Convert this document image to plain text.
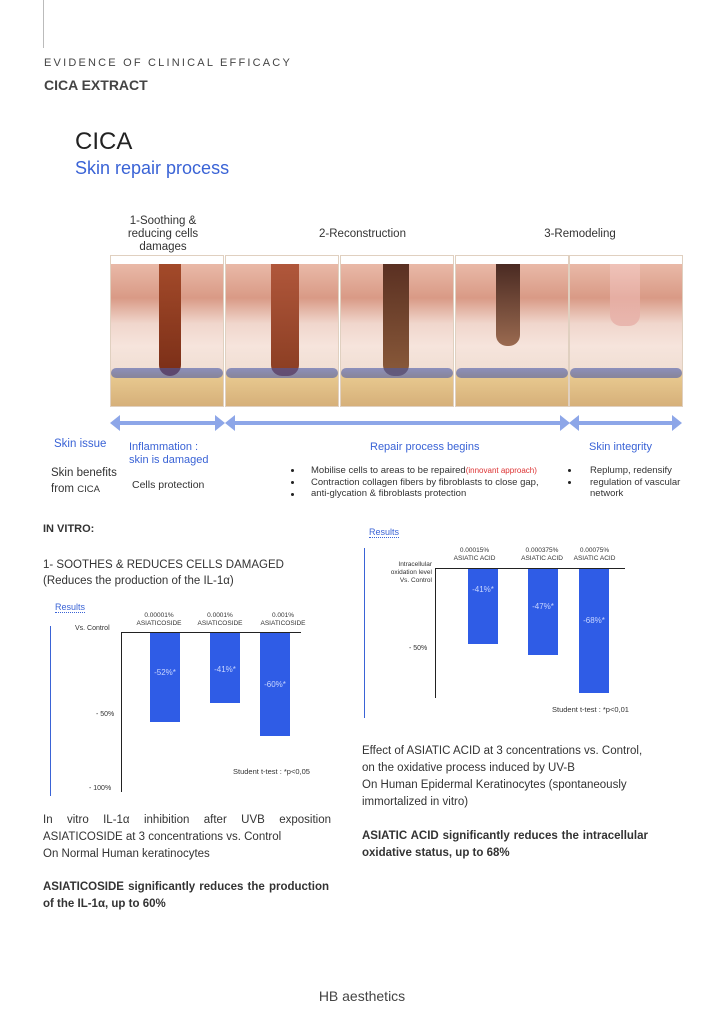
EVIDENCE OF CLINICAL EFFICACY
CICA EXTRACT
CICA
Skin repair process
1-Soothing & reducing cells damages
2-Reconstruction	3-Remodeling
Skin issue
Skin benefits
from CICA
Inflammation : skin is damaged
Cells protection
Repair process begins
Mobilise cells to areas to be repaired(innovant approach)
Contraction collagen fibers by fibroblasts to close gap,
anti-glycation & fibroblasts protection
Skin integrity
Replump, redensify
regulation of vascular network
IN VITRO:
1- SOOTHES & REDUCES CELLS DAMAGED
(Reduces the production of the IL-1α)
Results
Vs. Control
- 50%
- 100%
0.00001% ASIATICOSIDE
0.0001% ASIATICOSIDE
0.001% ASIATICOSIDE
-52%*	-41%*
-60%*
Student t-test : *p<0,05
Results
Intracellular oxidation level Vs. Control
- 50%
0.00015% ASIATIC ACID
0.000375% ASIATIC ACID
0.00075% ASIATIC ACID
-41%*
-47%*
-68%*
Student t-test : *p<0,01
In vitro IL-1α inhibition after UVB exposition
ASIATICOSIDE at 3 concentrations vs. Control
On Normal Human keratinocytes
ASIATICOSIDE significantly reduces the production of the IL-1α, up to 60%
Effect of ASIATIC ACID at 3 concentrations vs. Control,
on the oxidative process induced by UV-B
On Human Epidermal Keratinocytes (spontaneously immortalized in vitro)
ASIATIC ACID significantly reduces the intracellular oxidative status, up to 68%
HB aesthetics
